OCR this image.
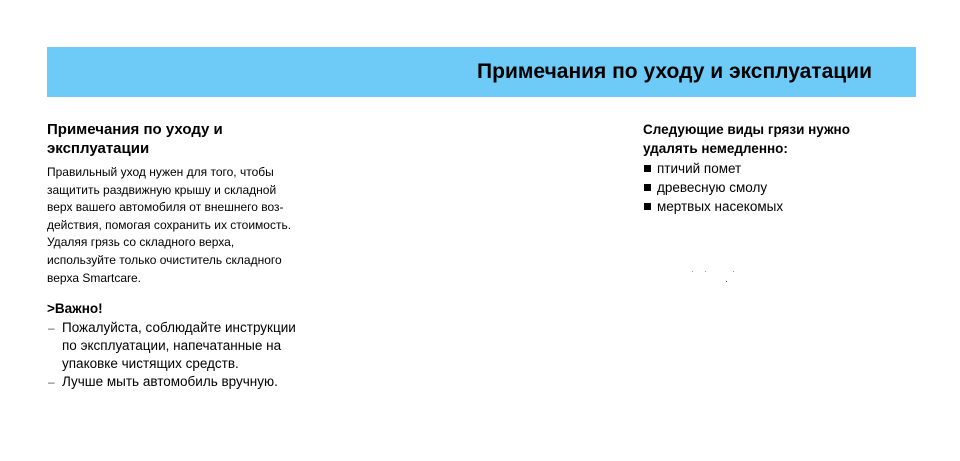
Примечания по уходу и эксплуатации
Примечания по уходу и
эксплуатации

Правильный уход нужен для того, чтобы
защитить раздвижную крышу и складной
верх вашего автомобиля от внешнего воз-
действия, помогая сохранить их стоимость.
Удаляя грязь со складного верха,
используйте только очиститель складного
верха Smartcare.

>Важно!
– Пожалуйста, соблюдайте инструкции
по эксплуатации, напечатанные на
упаковке чистящих средств.
– Лучше мыть автомобиль вручную.
Следующие виды грязи нужно
удалять немедленно:
птичий помет
древесную смолу
мертвых насекомых
